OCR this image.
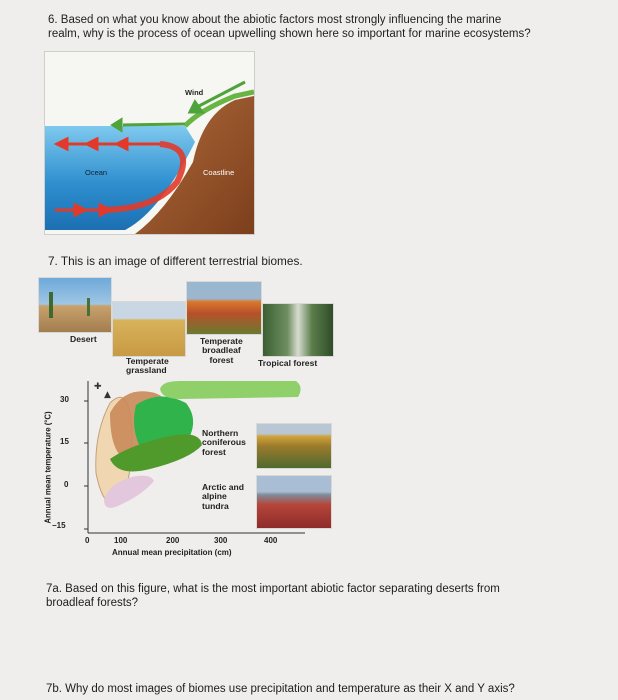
6. Based on what you know about the abiotic factors most strongly influencing the marine
realm, why is the process of ocean upwelling shown here so important for marine ecosystems?
Wind
Ocean	Coastline
7. This is an image of different terrestrial biomes.
Desert
Temperate
grassland
Temperate
broadleaf
forest	Tropical forest
Annual mean temperature (°C)
✚
▲
30
15
0
−15
0	100	200	300	400
Annual mean precipitation (cm)
Northern
coniferous
forest
Arctic and
alpine
tundra
7a. Based on this figure, what is the most important abiotic factor separating deserts from
broadleaf forests?
7b. Why do most images of biomes use precipitation and temperature as their X and Y axis?
